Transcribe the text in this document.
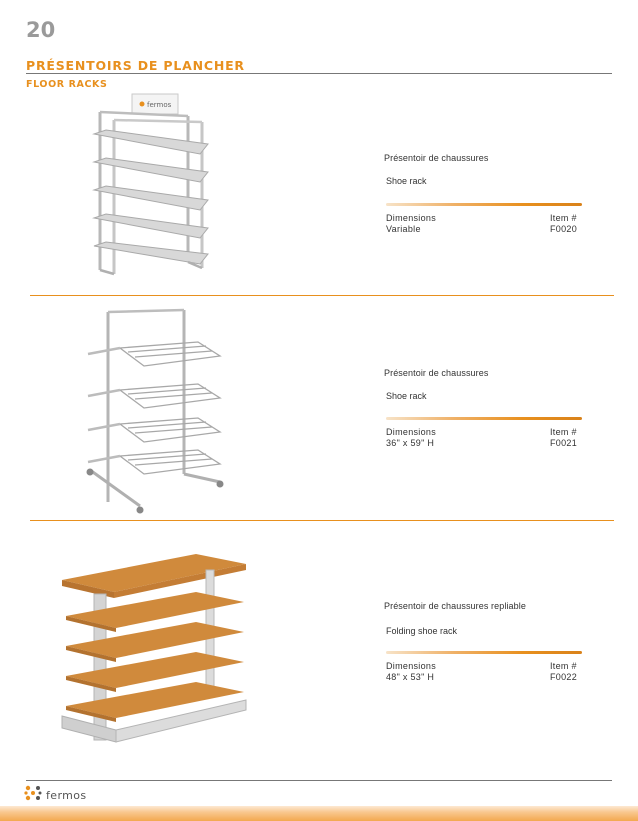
20
PRÉSENTOIRS DE PLANCHER
FLOOR RACKS
fermos
Présentoir de chaussures
Shoe rack
Dimensions
Variable
Item #
F0020
Présentoir de chaussures
Shoe rack
Dimensions
36" x 59" H
Item #
F0021
Présentoir de chaussures repliable
Folding shoe rack
Dimensions
48" x 53" H
Item #
F0022
fermos
